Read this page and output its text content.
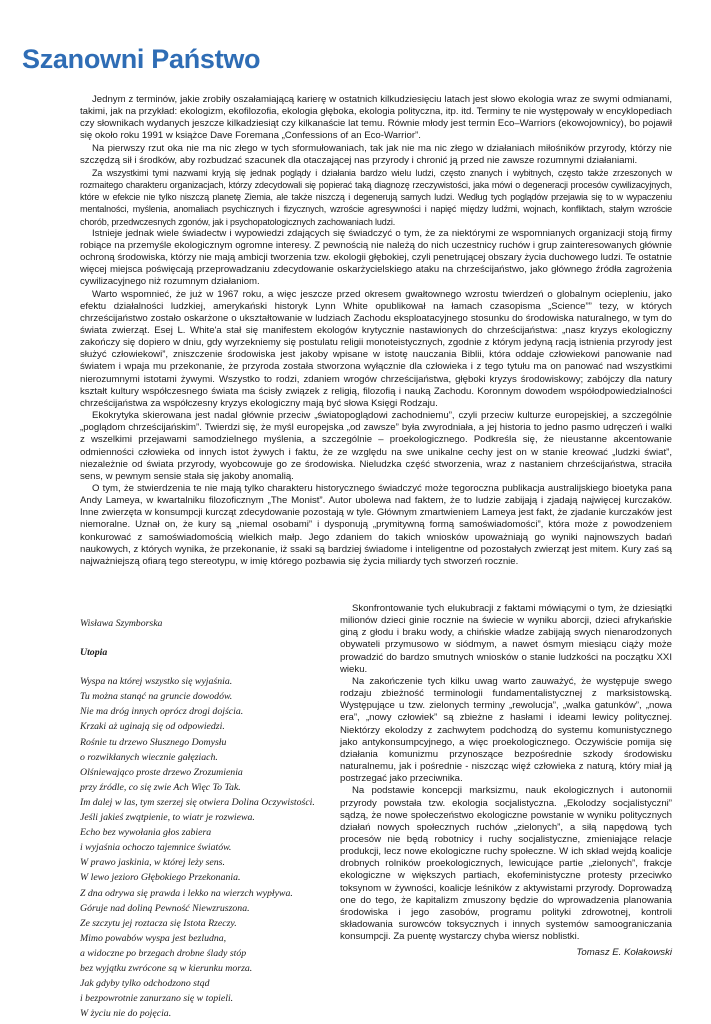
Szanowni Państwo

Jednym z terminów, jakie zrobiły oszałamiającą karierę w ostatnich kilkudziesięciu latach jest słowo ekologia wraz ze swymi odmianami, takimi, jak na przykład: ekologizm, ekofilozofia, ekologia głęboka, ekologia polityczna, itp. itd. Terminy te nie występowały w encyklopediach czy słownikach wydanych jeszcze kilkadziesiąt czy kilkanaście lat temu. Równie młody jest termin Eco–Warriors (ekowojownicy), bo pojawił się około roku 1991 w książce Dave Foremana „Confessions of an Eco-Warrior”.

Na pierwszy rzut oka nie ma nic złego w tych sformułowaniach, tak jak nie ma nic złego w działaniach miłośników przyrody, którzy nie szczędzą sił i środków, aby rozbudzać szacunek dla otaczającej nas przyrody i chronić ją przed nie zawsze rozumnymi działaniami.

Za wszystkimi tymi nazwami kryją się jednak poglądy i działania bardzo wielu ludzi, często znanych i wybitnych, często także zrzeszonych w rozmaitego charakteru organizacjach, którzy zdecydowali się popierać taką diagnozę rzeczywistości, jaka mówi o degeneracji procesów cywilizacyjnych, które w efekcie nie tylko niszczą planetę Ziemia, ale także niszczą i degenerują samych ludzi. Według tych poglądów przejawia się to w wypaczeniu mentalności, myślenia, anomaliach psychicznych i fizycznych, wzroście agresywności i napięć między ludźmi, wojnach, konfliktach, stałym wzroście chorób, przedwczesnych zgonów, jak i psychopatologicznych zachowaniach ludzi.

Istnieje jednak wiele świadectw i wypowiedzi zdających się świadczyć o tym, że za niektórymi ze wspomnianych organizacji stoją firmy robiące na przemyśle ekologicznym ogromne interesy. Z pewnością nie należą do nich uczestnicy ruchów i grup zainteresowanych głównie ochroną środowiska, którzy nie mają ambicji tworzenia tzw. ekologii głębokiej, czyli penetrującej obszary życia duchowego ludzi. Te ostatnie więcej miejsca poświęcają przeprowadzaniu zdecydowanie oskarżycielskiego ataku na chrześcijaństwo, jako głównego źródła zagrożenia cywilizacyjnego niż rozumnym działaniom.

Warto wspomnieć, że już w 1967 roku, a więc jeszcze przed okresem gwałtownego wzrostu twierdzeń o globalnym ociepleniu, jako efektu działalności ludzkiej, amerykański historyk Lynn White opublikował na łamach czasopisma „Science”” tezy, w których chrześcijaństwo zostało oskarżone o ukształtowanie w ludziach Zachodu eksploatacyjnego stosunku do środowiska naturalnego, w tym do świata zwierząt. Esej L. White'a stał się manifestem ekologów krytycznie nastawionych do chrześcijaństwa: „nasz kryzys ekologiczny zakończy się dopiero w dniu, gdy wyrzekniemy się postulatu religii monoteistycznych, zgodnie z którym jedyną racją istnienia przyrody jest służyć człowiekowi”, zniszczenie środowiska jest jakoby wpisane w istotę nauczania Biblii, która oddaje człowiekowi panowanie nad światem i wpaja mu przekonanie, że przyroda została stworzona wyłącznie dla człowieka i z tego tytułu ma on panować nad wszystkimi nierozumnymi istotami żywymi. Wszystko to rodzi, zdaniem wrogów chrześcijaństwa, głęboki kryzys środowiskowy; zabójczy dla natury kształt kultury współczesnego świata ma ścisły związek z religią, filozofią i nauką Zachodu. Koronnym dowodem współodpowiedzialności chrześcijaństwa za współczesny kryzys ekologiczny mają być słowa Księgi Rodzaju.

Ekokrytyka skierowana jest nadal głównie przeciw „światopoglądowi zachodniemu”, czyli przeciw kulturze europejskiej, a szczególnie „poglądom chrześcijańskim”. Twierdzi się, że myśl europejska „od zawsze” była zwyrodniała, a jej historia to jedno pasmo udręczeń i walki z wszelkimi przejawami samodzielnego myślenia, a szczególnie – proekologicznego. Podkreśla się, że nieustanne akcentowanie odmienności człowieka od innych istot żywych i faktu, że ze względu na swe unikalne cechy jest on w stanie kreować „ludzki świat”, niezależnie od świata przyrody, wyobcowuje go ze środowiska. Nieludzka część stworzenia, wraz z nastaniem chrześcijaństwa, straciła sens, w pewnym sensie stała się jakoby anomalią.

O tym, że stwierdzenia te nie mają tylko charakteru historycznego świadczyć może tegoroczna publikacja australijskiego bioetyka pana Andy Lameya, w kwartalniku filozoficznym „The Monist”. Autor ubolewa nad faktem, że to ludzie zabijają i zjadają najwięcej kurczaków. Inne zwierzęta w konsumpcji kurcząt zdecydowanie pozostają w tyle. Głównym zmartwieniem Lameya jest fakt, że zjadanie kurczaków jest niemoralne. Uznał on, że kury są „niemal osobami” i dysponują „prymitywną formą samoświadomości”, która może z powodzeniem konkurować z samoświadomością wielkich małp. Jego zdaniem do takich wniosków upoważniają go wyniki najnowszych badań naukowych, z których wynika, że przekonanie, iż ssaki są bardziej świadome i inteligentne od pozostałych zwierząt jest mitem. Kury zaś są najważniejszą ofiarą tego stereotypu, w imię którego pozbawia się życia miliardy tych stworzeń rocznie.

Wisława Szymborska

Utopia

Wyspa na której wszystko się wyjaśnia.
Tu można stanąć na gruncie dowodów.
Nie ma dróg innych oprócz drogi dojścia.
Krzaki aż uginają się od odpowiedzi.
Rośnie tu drzewo Słusznego Domysłu
o rozwikłanych wiecznie gałęziach.
Olśniewająco proste drzewo Zrozumienia
przy źródle, co się zwie Ach Więc To Tak.
Im dalej w las, tym szerzej się otwiera Dolina Oczywistości.
Jeśli jakieś zwątpienie, to wiatr je rozwiewa.
Echo bez wywołania głos zabiera
i wyjaśnia ochoczo tajemnice światów.
W prawo jaskinia, w której leży sens.
W lewo jezioro Głębokiego Przekonania.
Z dna odrywa się prawda i lekko na wierzch wypływa.
Góruje nad doliną Pewność Niewzruszona.
Ze szczytu jej roztacza się Istota Rzeczy.
Mimo powabów wyspa jest bezludna,
a widoczne po brzegach drobne ślady stóp
bez wyjątku zwrócone są w kierunku morza.
Jak gdyby tylko odchodzono stąd
i bezpowrotnie zanurzano się w topieli.
W życiu nie do pojęcia.

Skonfrontowanie tych elukubracji z faktami mówiącymi o tym, że dziesiątki milionów dzieci ginie rocznie na świecie w wyniku aborcji, dzieci afrykańskie giną z głodu i braku wody, a chińskie władze zabijają swych nienarodzonych obywateli przymusowo w siódmym, a nawet ósmym miesiącu ciąży może prowadzić do bardzo smutnych wniosków o stanie ludzkości na początku XXI wieku.

Na zakończenie tych kilku uwag warto zauważyć, że występuje swego rodzaju zbieżność terminologii fundamentalistycznej z marksistowską. Występujące u tzw. zielonych terminy „rewolucja”, „walka gatunków”, „nowa era”, „nowy człowiek” są zbieżne z hasłami i ideami lewicy politycznej. Niektórzy ekolodzy z zachwytem podchodzą do systemu komunistycznego jako antykonsumpcyjnego, a więc proekologicznego. Oczywiście pomija się działania komunizmu przynoszące bezpośrednie szkody środowisku naturalnemu, jak i pośrednie - niszcząc więź człowieka z naturą, który miał ją postrzegać jako przeciwnika.

Na podstawie koncepcji marksizmu, nauk ekologicznych i autonomii przyrody powstała tzw. ekologia socjalistyczna. „Ekolodzy socjalistyczni” sądzą, że nowe społeczeństwo ekologiczne powstanie w wyniku politycznych działań nowych społecznych ruchów „zielonych”, a siłą napędową tych procesów nie będą robotnicy i ruchy socjalistyczne, zmieniające relacje produkcji, lecz nowe ekologiczne ruchy społeczne. W ich skład wejdą koalicje drobnych rolników proekologicznych, lewicujące partie „zielonych”, frakcje ekologiczne w większych partiach, ekofeministyczne protesty przeciwko toksynom w żywności, koalicje leśników z aktywistami przyrody. Doprowadzą one do tego, że kapitalizm zmuszony będzie do wprowadzenia planowania środowiska i jego zasobów, programu polityki zdrowotnej, kontroli składowania surowców toksycznych i innych systemów samoograniczania konsumpcji. Za puentę wystarczy chyba wiersz noblistki.

Tomasz E. Kołakowski
